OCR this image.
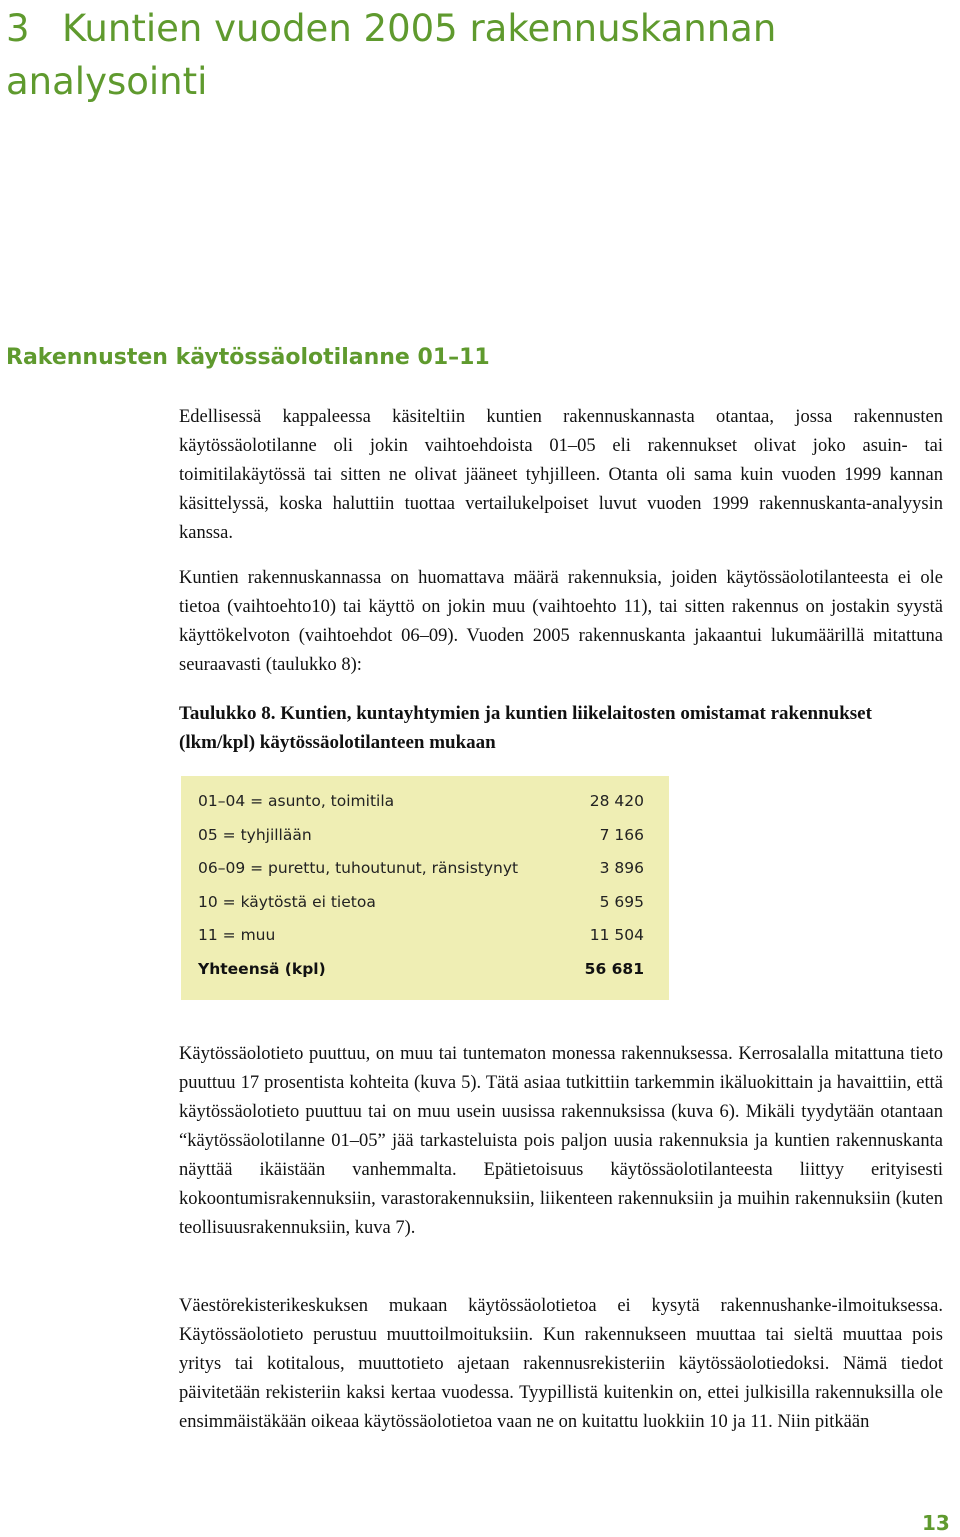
3 Kuntien vuoden 2005 rakennuskannan analysointi
Rakennusten käytössäolotilanne 01–11

Edellisessä kappaleessa käsiteltiin kuntien rakennuskannasta otantaa, jossa rakennusten käytössäolotilanne oli jokin vaihtoehdoista 01–05 eli rakennukset olivat joko asuin- tai toimitilakäytössä tai sitten ne olivat jääneet tyhjilleen. Otanta oli sama kuin vuoden 1999 kannan käsittelyssä, koska haluttiin tuottaa vertailukelpoiset luvut vuoden 1999 rakennuskanta-analyysin kanssa.

Kuntien rakennuskannassa on huomattava määrä rakennuksia, joiden käytössäolotilanteesta ei ole tietoa (vaihtoehto10) tai käyttö on jokin muu (vaihtoehto 11), tai sitten rakennus on jostakin syystä käyttökelvoton (vaihtoehdot 06–09). Vuoden 2005 rakennuskanta jakaantui lukumäärillä mitattuna seuraavasti (taulukko 8):

Taulukko 8. Kuntien, kuntayhtymien ja kuntien liikelaitosten omistamat rakennukset (lkm/kpl) käytössäolotilanteen mukaan

01–04 = asunto, toimitila	28 420
05 = tyhjillään	7 166
06–09 = purettu, tuhoutunut, ränsistynyt	3 896
10 = käytöstä ei tietoa	5 695
11 = muu	11 504
Yhteensä (kpl)	56 681

Käytössäolotieto puuttuu, on muu tai tuntematon monessa rakennuksessa. Kerrosalalla mitattuna tieto puuttuu 17 prosentista kohteita (kuva 5). Tätä asiaa tutkittiin tarkemmin ikäluokittain ja havaittiin, että käytössäolotieto puuttuu tai on muu usein uusissa rakennuksissa (kuva 6). Mikäli tyydytään otantaan “käytössäolotilanne 01–05” jää tarkasteluista pois paljon uusia rakennuksia ja kuntien rakennuskanta näyttää ikäistään vanhemmalta. Epätietoisuus käytössäolotilanteesta liittyy erityisesti kokoontumisrakennuksiin, varastorakennuksiin, liikenteen rakennuksiin ja muihin rakennuksiin (kuten teollisuusrakennuksiin, kuva 7).

Väestörekisterikeskuksen mukaan käytössäolotietoa ei kysytä rakennushanke-ilmoituksessa. Käytössäolotieto perustuu muuttoilmoituksiin. Kun rakennukseen muuttaa tai sieltä muuttaa pois yritys tai kotitalous, muuttotieto ajetaan rakennusrekisteriin käytössäolotiedoksi. Nämä tiedot päivitetään rekisteriin kaksi kertaa vuodessa. Tyypillistä kuitenkin on, ettei julkisilla rakennuksilla ole ensimmäistäkään oikeaa käytössäolotietoa vaan ne on kuitattu luokkiin 10 ja 11. Niin pitkään

13
